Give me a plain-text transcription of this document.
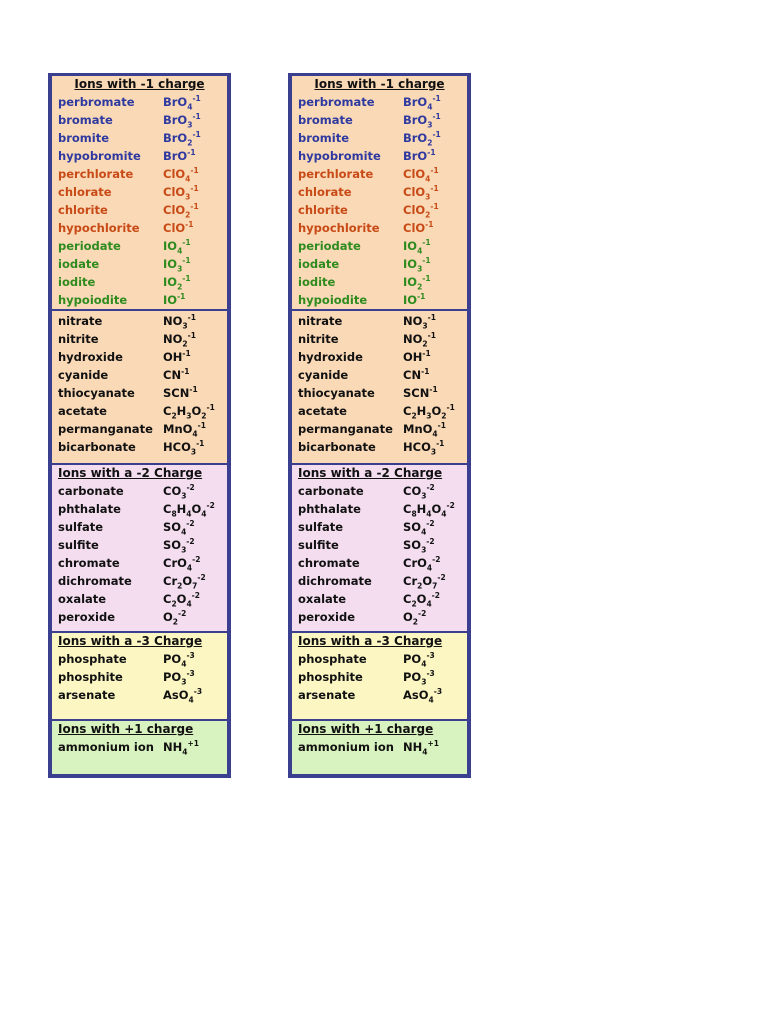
Ions with -1 charge
perbromate BrO$_4^{-1}$
bromate	BrO$_3^{-1}$
bromite	BrO$_2^{-1}$
hypobromite BrO$^{-1}$
perchlorate	ClO$_4^{-1}$
chlorate	ClO$_3^{-1}$
chlorite	ClO$_2^{-1}$
hypochlorite ClO$^{-1}$
periodate	$IO_4^{-1}$
iodate	$IO_3^{-1}$
iodite	$IO_2^{-1}$
hypoiodite	$IO^{-1}$
nitrate	$NO_3^{-1}$
nitrite	$NO_2^{-1}$
hydroxide	$OH^{-1}$
cyanide	$CN^{-1}$
thiocyanate $SCN^{-1}$
acetate	$C_2H_3O_2^{-1}$
permanganate MnO$_4^{-1}$
bicarbonate $HCO_3^{-1}$
Ions with a -2 Charge
carbonate	$CO_3^{-2}$
phthalate	$C_8H_4O_4^{-2}$
sulfate	$SO_4^{-2}$
sulfite	$SO_3^{-2}$
chromate	CrO$_4^{-2}$
dichromate	$Cr_2O_7^{-2}$
oxalate	$C_2O_4^{-2}$
peroxide	$O_2^{-2}$
Ions with a -3 Charge
phosphate	$PO_4^{-3}$
phosphite	$PO_3^{-3}$
arsenate	AsO$_4^{-3}$
Ions with +1 charge
ammonium ion $NH_4^{+1}$
Ions with -1 charge
perbromate BrO$_4^{-1}$
bromate	BrO$_3^{-1}$
bromite	BrO$_2^{-1}$
hypobromite BrO$^{-1}$
perchlorate	ClO$_4^{-1}$
chlorate	ClO$_3^{-1}$
chlorite	ClO$_2^{-1}$
hypochlorite ClO$^{-1}$
periodate	$IO_4^{-1}$
iodate	$IO_3^{-1}$
iodite	$IO_2^{-1}$
hypoiodite	$IO^{-1}$
nitrate	$NO_3^{-1}$
nitrite	$NO_2^{-1}$
hydroxide	$OH^{-1}$
cyanide	$CN^{-1}$
thiocyanate $SCN^{-1}$
acetate	$C_2H_3O_2^{-1}$
permanganate MnO$_4^{-1}$
bicarbonate $HCO_3^{-1}$
Ions with a -2 Charge
carbonate	$CO_3^{-2}$
phthalate	$C_8H_4O_4^{-2}$
sulfate	$SO_4^{-2}$
sulfite	$SO_3^{-2}$
chromate	CrO$_4^{-2}$
dichromate	$Cr_2O_7^{-2}$
oxalate	$C_2O_4^{-2}$
peroxide	$O_2^{-2}$
Ions with a -3 Charge
phosphate	$PO_4^{-3}$
phosphite	$PO_3^{-3}$
arsenate	AsO$_4^{-3}$
Ions with +1 charge
ammonium ion $NH_4^{+1}$
